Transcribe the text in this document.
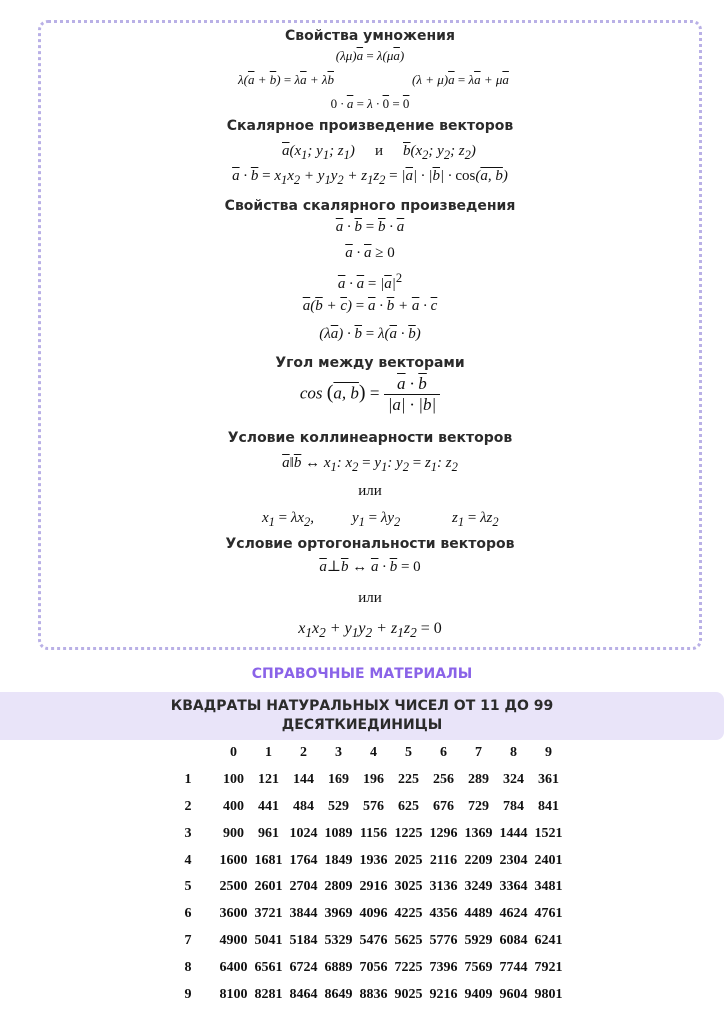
Свойства умножения
$(\lambda\mu)\overline{a} = \lambda(\mu\overline{a})$
$\lambda(\overline{a} + \overline{b}) = \lambda\overline{a} + \lambda\overline{b}$	$(\lambda + \mu)\overline{a} = \lambda\overline{a} + \mu\overline{a}$
$0 \cdot \overline{a} = \lambda \cdot 0 = 0$
Скалярное произведение векторов
$\overline{a}(x_1$; $y_1$; $z_1$) и $\overline{b}(x_2$; $y_2$; $z_2$)
$\overline{a} \cdot \overline{b} = x_1x_2 + y_1y_2 + z_1z_2 = |\overline{a}| \cdot |\overline{b}| \cdot \cos(a$, b)
Свойства скалярного произведения
$\overline{a} \cdot \overline{b} = \overline{b} \cdot \overline{a}$
$\overline{a} \cdot \overline{a} \ge 0$
$\overline{a} \cdot \overline{a} = |\overline{a}|^2$
$\overline{a}(\overline{b} + \overline{c}) = \overline{a} \cdot \overline{b} + \overline{a} \cdot \overline{c}$
$(\lambda\overline{a}) \cdot \overline{b} = \lambda(\overline{a} \cdot \overline{b})$
Угол между векторами
cos (a, $b) = \frac{\overline{a} \cdot \overline{b}}{|\overline{a}| \cdot |\overline{b}|}$
Условие коллинеарности векторов
$\overline{a}‖\overline{b}$ ↔ $x_1$: $x_2 = y_1$: $y_2 = z_1$: $z_2$
или
$x_1 = \lambda x_2$,	$y_1 = \lambda y_2$	$z_1 = \lambda z_2$
Условие ортогональности векторов
$\overline{a}\perp\overline{b}$ ↔ $\overline{a} \cdot \overline{b} = 0$
или
$x_1x_2 + y_1y_2 + z_1z_2 = 0$
СПРАВОЧНЫЕ МАТЕРИАЛЫ
КВАДРАТЫ НАТУРАЛЬНЫХ ЧИСЕЛ ОТ 11 ДО 99
ДЕСЯТКИЕДИНИЦЫ
	0	1	2	3	4	5	6	7	8	9
1	100	121	144	169	196	225	256	289	324	361
2	400	441	484	529	576	625	676	729	784	841
3	900	961	1024	1089	1156	1225	1296	1369	1444	1521
4	1600	1681	1764	1849	1936	2025	2116	2209	2304	2401
5	2500	2601	2704	2809	2916	3025	3136	3249	3364	3481
6	3600	3721	3844	3969	4096	4225	4356	4489	4624	4761
7	4900	5041	5184	5329	5476	5625	5776	5929	6084	6241
8	6400	6561	6724	6889	7056	7225	7396	7569	7744	7921
9	8100	8281	8464	8649	8836	9025	9216	9409	9604	9801
